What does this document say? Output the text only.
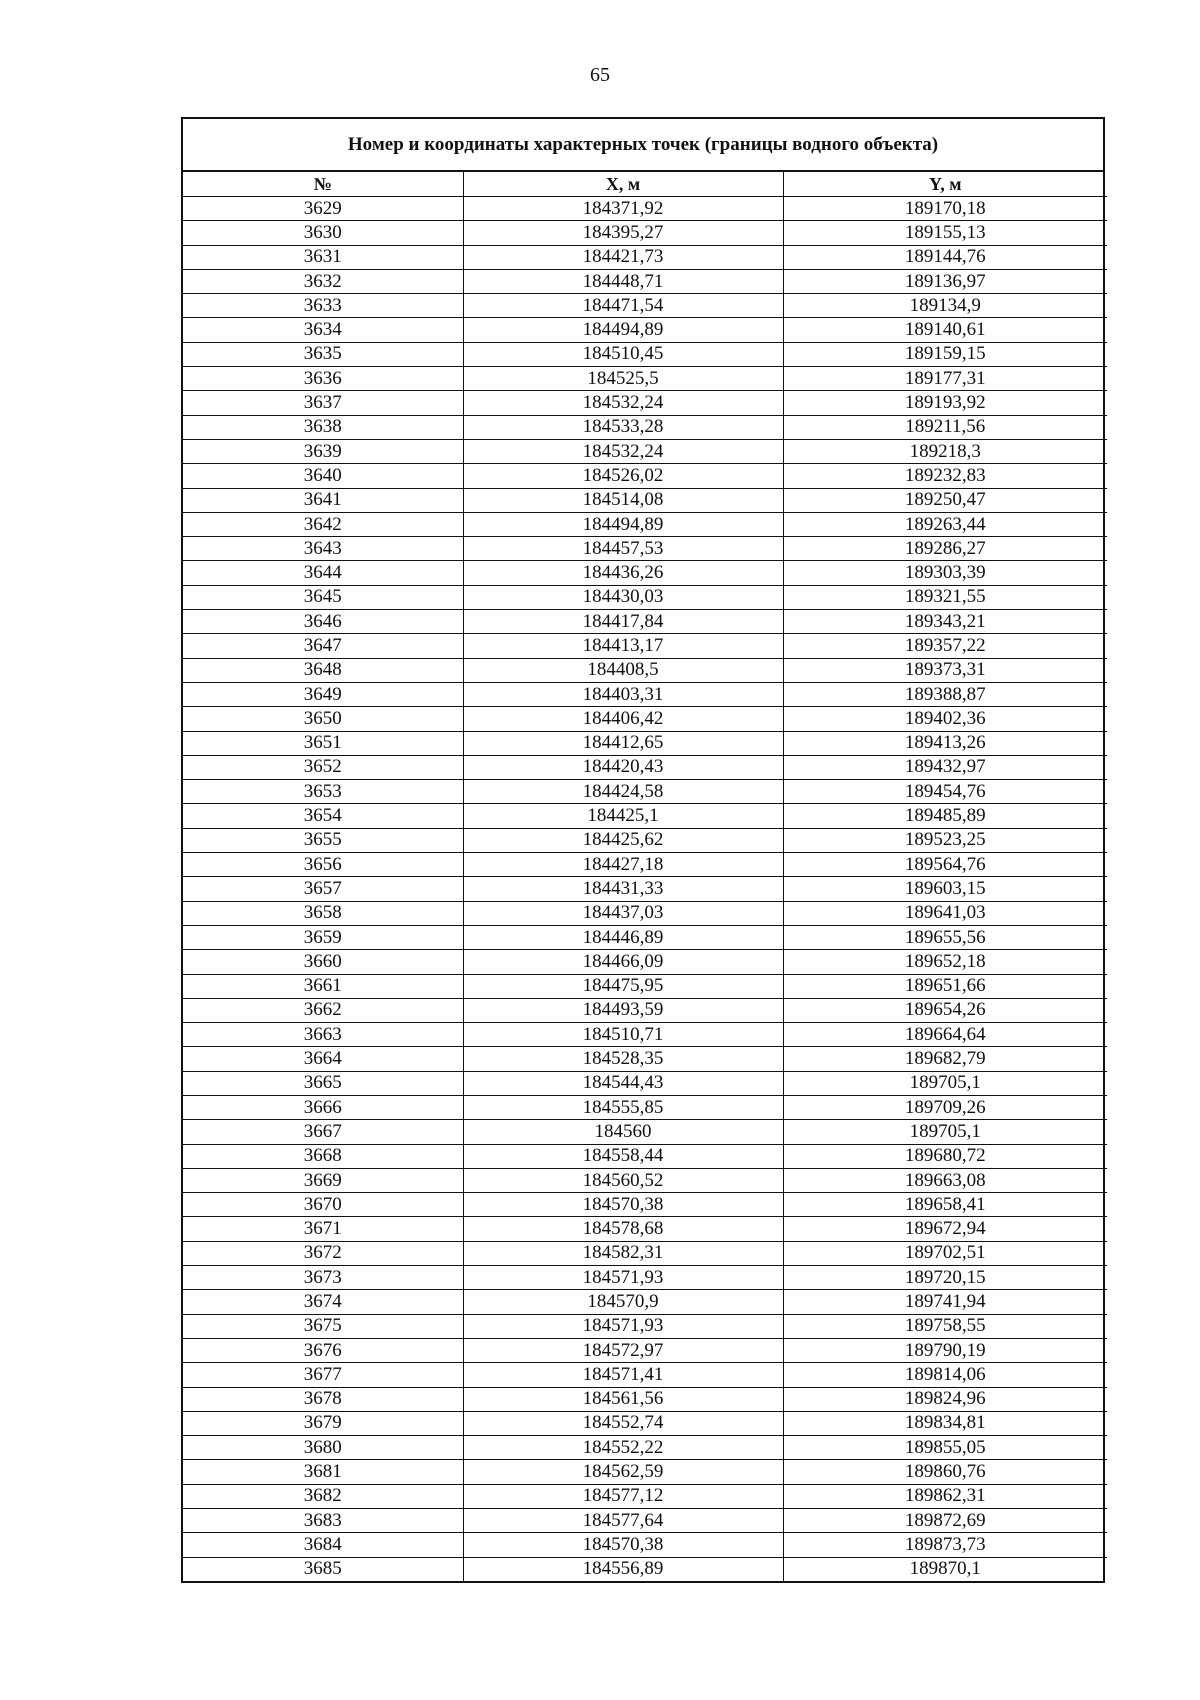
65
Номер и координаты характерных точек (границы водного объекта)
№	X, м	Y, м
3629	184371,92	189170,18
3630	184395,27	189155,13
3631	184421,73	189144,76
3632	184448,71	189136,97
3633	184471,54	189134,9
3634	184494,89	189140,61
3635	184510,45	189159,15
3636	184525,5	189177,31
3637	184532,24	189193,92
3638	184533,28	189211,56
3639	184532,24	189218,3
3640	184526,02	189232,83
3641	184514,08	189250,47
3642	184494,89	189263,44
3643	184457,53	189286,27
3644	184436,26	189303,39
3645	184430,03	189321,55
3646	184417,84	189343,21
3647	184413,17	189357,22
3648	184408,5	189373,31
3649	184403,31	189388,87
3650	184406,42	189402,36
3651	184412,65	189413,26
3652	184420,43	189432,97
3653	184424,58	189454,76
3654	184425,1	189485,89
3655	184425,62	189523,25
3656	184427,18	189564,76
3657	184431,33	189603,15
3658	184437,03	189641,03
3659	184446,89	189655,56
3660	184466,09	189652,18
3661	184475,95	189651,66
3662	184493,59	189654,26
3663	184510,71	189664,64
3664	184528,35	189682,79
3665	184544,43	189705,1
3666	184555,85	189709,26
3667	184560	189705,1
3668	184558,44	189680,72
3669	184560,52	189663,08
3670	184570,38	189658,41
3671	184578,68	189672,94
3672	184582,31	189702,51
3673	184571,93	189720,15
3674	184570,9	189741,94
3675	184571,93	189758,55
3676	184572,97	189790,19
3677	184571,41	189814,06
3678	184561,56	189824,96
3679	184552,74	189834,81
3680	184552,22	189855,05
3681	184562,59	189860,76
3682	184577,12	189862,31
3683	184577,64	189872,69
3684	184570,38	189873,73
3685	184556,89	189870,1
